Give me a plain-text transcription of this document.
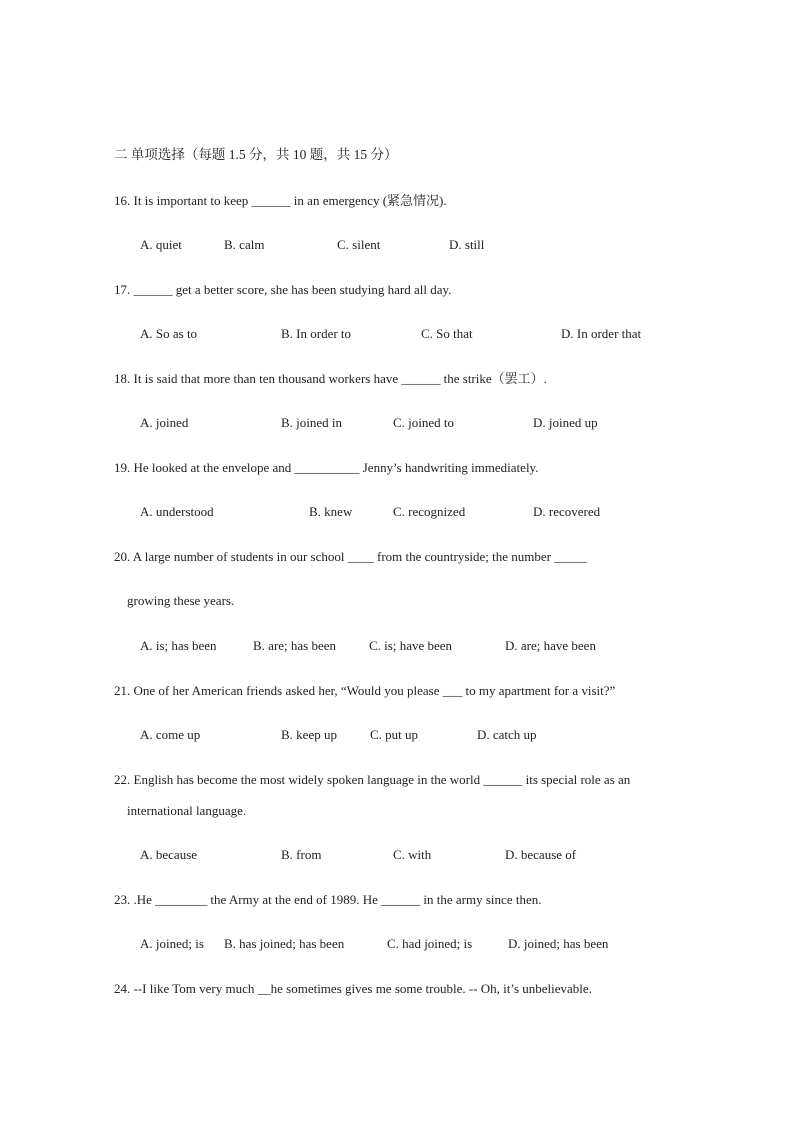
二 单项选择（每题 1.5 分，共 10 题，共 15 分）
16. It is important to keep ______ in an emergency (紧急情况).
A. quiet	B. calm	C. silent	D. still
17. ______ get a better score, she has been studying hard all day.
A. So as to	B. In order to	C. So that	D. In order that
18. It is said that more than ten thousand workers have ______ the strike（罢工）.
A. joined	B. joined in	C. joined to	D. joined up
19. He looked at the envelope and __________ Jenny’s handwriting immediately.
A. understood	B. knew	C. recognized	D. recovered
20. A large number of students in our school ____ from the countryside; the number _____
growing these years.
A. is; has been	B. are; has been	C. is; have been	D. are; have been
21. One of her American friends asked her, “Would you please ___ to my apartment for a visit?”
A. come up	B. keep up	C. put up	D. catch up
22. English has become the most widely spoken language in the world ______ its special role as an
international language.
A. because	B. from	C. with	D. because of
23. .He ________ the Army at the end of 1989. He ______ in the army since then.
A. joined; is B. has joined; has been	C. had joined; is	D. joined; has been
24. --I like Tom very much __he sometimes gives me some trouble. -- Oh, it’s unbelievable.
